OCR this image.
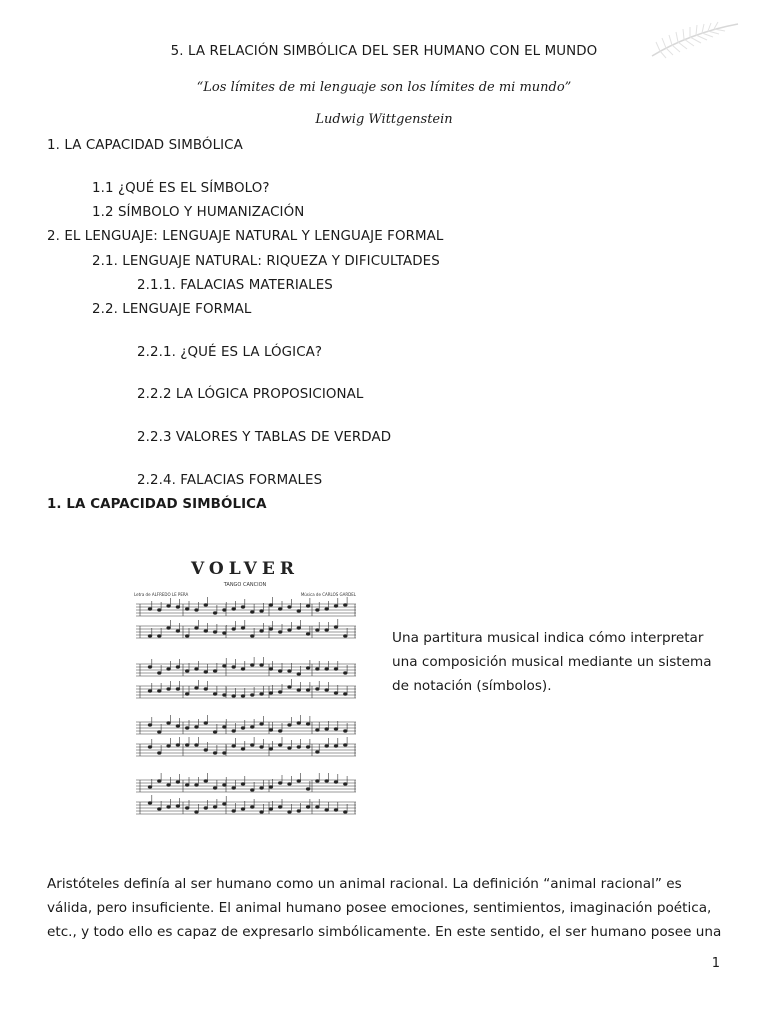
5. LA RELACIÓN SIMBÓLICA DEL SER HUMANO CON EL MUNDO
“Los límites de mi lenguaje son los límites de mi mundo”
Ludwig Wittgenstein
1. LA CAPACIDAD SIMBÓLICA
1.1 ¿QUÉ ES EL SÍMBOLO?
1.2 SÍMBOLO Y HUMANIZACIÓN
2. EL LENGUAJE: LENGUAJE NATURAL Y LENGUAJE FORMAL
2.1. LENGUAJE NATURAL: RIQUEZA Y DIFICULTADES
2.1.1. FALACIAS MATERIALES
2.2. LENGUAJE FORMAL
2.2.1. ¿QUÉ ES LA LÓGICA?
2.2.2 LA LÓGICA PROPOSICIONAL
2.2.3 VALORES Y TABLAS DE VERDAD
2.2.4. FALACIAS FORMALES
1. LA CAPACIDAD SIMBÓLICA
VOLVER
TANGO CANCION
Letra de ALFREDO LE PERA	Música de CARLOS GARDEL
Una partitura musical indica cómo interpretar una composición musical mediante un sistema de notación (símbolos).
Aristóteles definía al ser humano como un animal racional. La definición “animal racional” es válida, pero insuficiente. El animal humano posee emociones, sentimientos, imaginación poética, etc., y todo ello es capaz de expresarlo simbólicamente. En este sentido, el ser humano posee una
1
